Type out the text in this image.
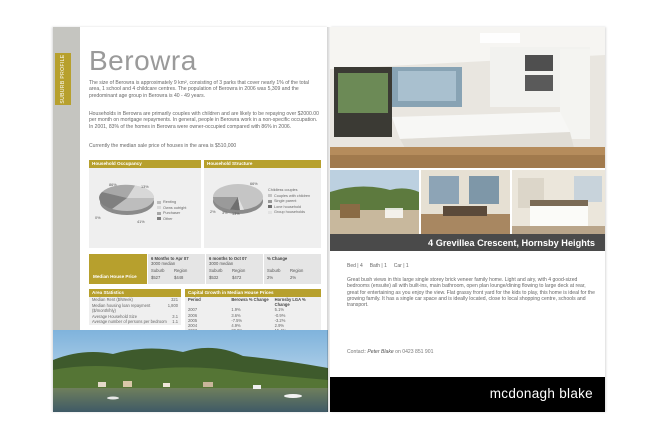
SUBURB PROFILE Berowra
The size of Berowra is approximately 9 km², consisting of 3 parks that cover nearly 1% of the total area, 1 school and 4 childcare centres. The population of Berowra in 2006 was 5,309 and the predominant age group in Berowra is 40 - 49 years.
Households in Berowra are primarily couples with children and are likely to be repaying over $2000.00 per month on mortgage repayments. In general, people in Berowra work in a non-specific occupation. In 2001, 83% of the homes in Berowra were owner-occupied compared with 86% in 2006.
Currently the median sale price of houses in the area is $510,000
Household Occupancy
86%	13%
0%
41%
Renting
Owns outright
Purchaser
Other
Household Structure
66%
2%	13%
3%
Childless couples
Couples with children
Single parent
Lone household
Group households
Median House Price
6 Months to Apr 07
3000 median
Suburb Region
$527	$448
6 months to Oct 07
3000 median
Suburb Region
$532	$472
% Change

Suburb Region
2%	2%
Area Statistics
Median Rent ($/Week)	321
Median housing loan repayment ($/month/hly)
1,800
Average Household Size	3.1
Average number of persons per bedroom 1.1
Capital Growth in Median House Prices
Period	Berowra % Change	Hornsby LGA % Change
2007	1.9%	5.1%
2006	3.6%	-0.9%
2005	-7.5%	-3.2%
2004	4.9%	2.9%
4 Grevillea Crescent, Hornsby Heights
Bed | 4     Bath | 1     Car | 1
Great bush views in this large single storey brick veneer family home. Light and airy, with 4 good-sized bedrooms (ensuite) all with built-ins, main bathroom, open plan lounge/dining flowing to large deck at rear, great for entertaining as you enjoy the view. Flat grassy front yard for the kids to play, this home is ideal for the growing family. It has a single car space and is ideally located, close to local shopping centre, schools and transport.
Contact: Peter Blake on 0423 851 901
mcdonagh blake
